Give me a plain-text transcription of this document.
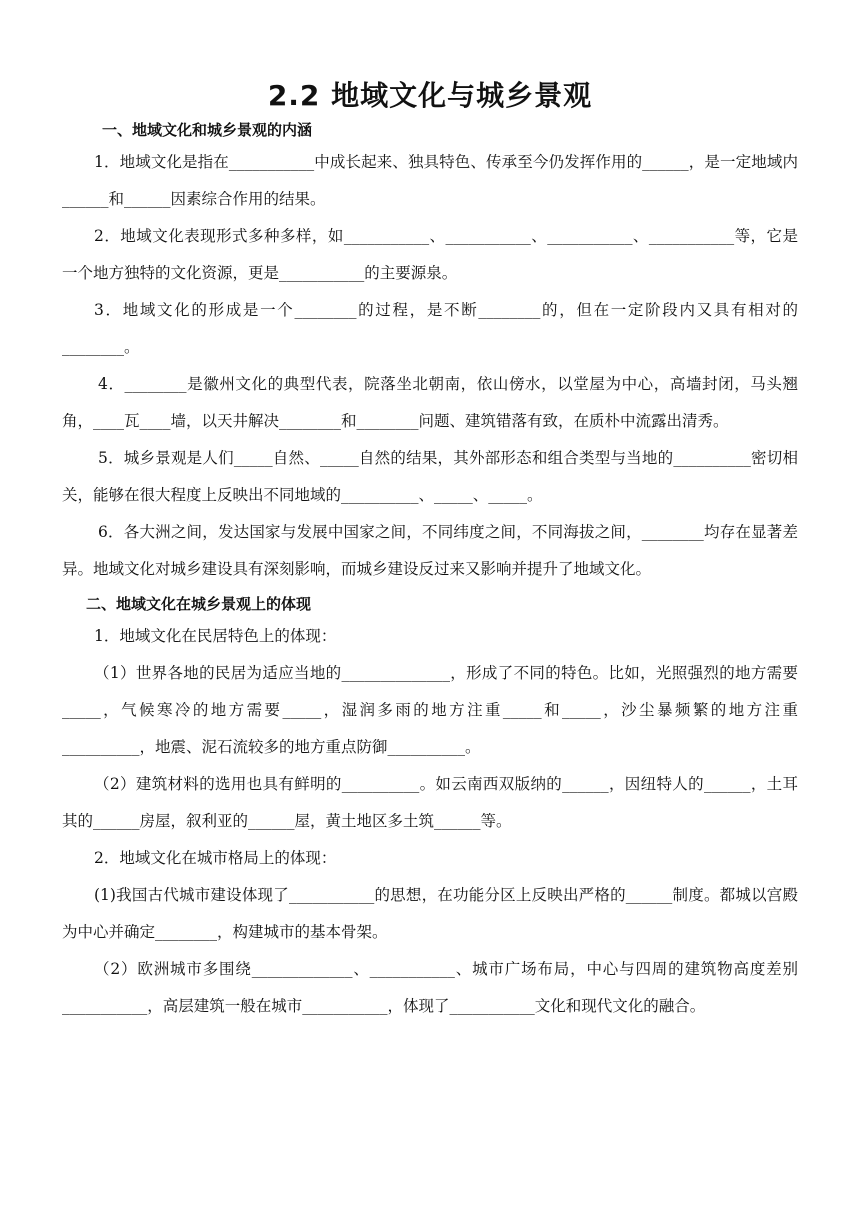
2.2 地域文化与城乡景观

一、地域文化和城乡景观的内涵

1．地域文化是指在___________中成长起来、独具特色、传承至今仍发挥作用的______，是一定地域内______和______因素综合作用的结果。

2．地域文化表现形式多种多样，如___________、___________、___________、___________等，它是一个地方独特的文化资源，更是___________的主要源泉。

3．地域文化的形成是一个________的过程，是不断________的，但在一定阶段内又具有相对的________。

4．________是徽州文化的典型代表，院落坐北朝南，依山傍水，以堂屋为中心，高墙封闭，马头翘角，____瓦____墙，以天井解决________和________问题、建筑错落有致，在质朴中流露出清秀。

5．城乡景观是人们_____自然、_____自然的结果，其外部形态和组合类型与当地的__________密切相关，能够在很大程度上反映出不同地域的__________、_____、_____。

6．各大洲之间，发达国家与发展中国家之间，不同纬度之间，不同海拔之间，________均存在显著差异。地域文化对城乡建设具有深刻影响，而城乡建设反过来又影响并提升了地域文化。

二、地域文化在城乡景观上的体现

1．地域文化在民居特色上的体现：

（1）世界各地的民居为适应当地的______________，形成了不同的特色。比如，光照强烈的地方需要_____，气候寒冷的地方需要_____，湿润多雨的地方注重_____和_____，沙尘暴频繁的地方注重__________，地震、泥石流较多的地方重点防御__________。

（2）建筑材料的选用也具有鲜明的__________。如云南西双版纳的______，因纽特人的______，土耳其的______房屋，叙利亚的______屋，黄土地区多土筑______等。

2．地域文化在城市格局上的体现：

(1)我国古代城市建设体现了___________的思想，在功能分区上反映出严格的______制度。都城以宫殿为中心并确定________，构建城市的基本骨架。

（2）欧洲城市多围绕_____________、___________、城市广场布局，中心与四周的建筑物高度差别___________，高层建筑一般在城市___________，体现了___________文化和现代文化的融合。
